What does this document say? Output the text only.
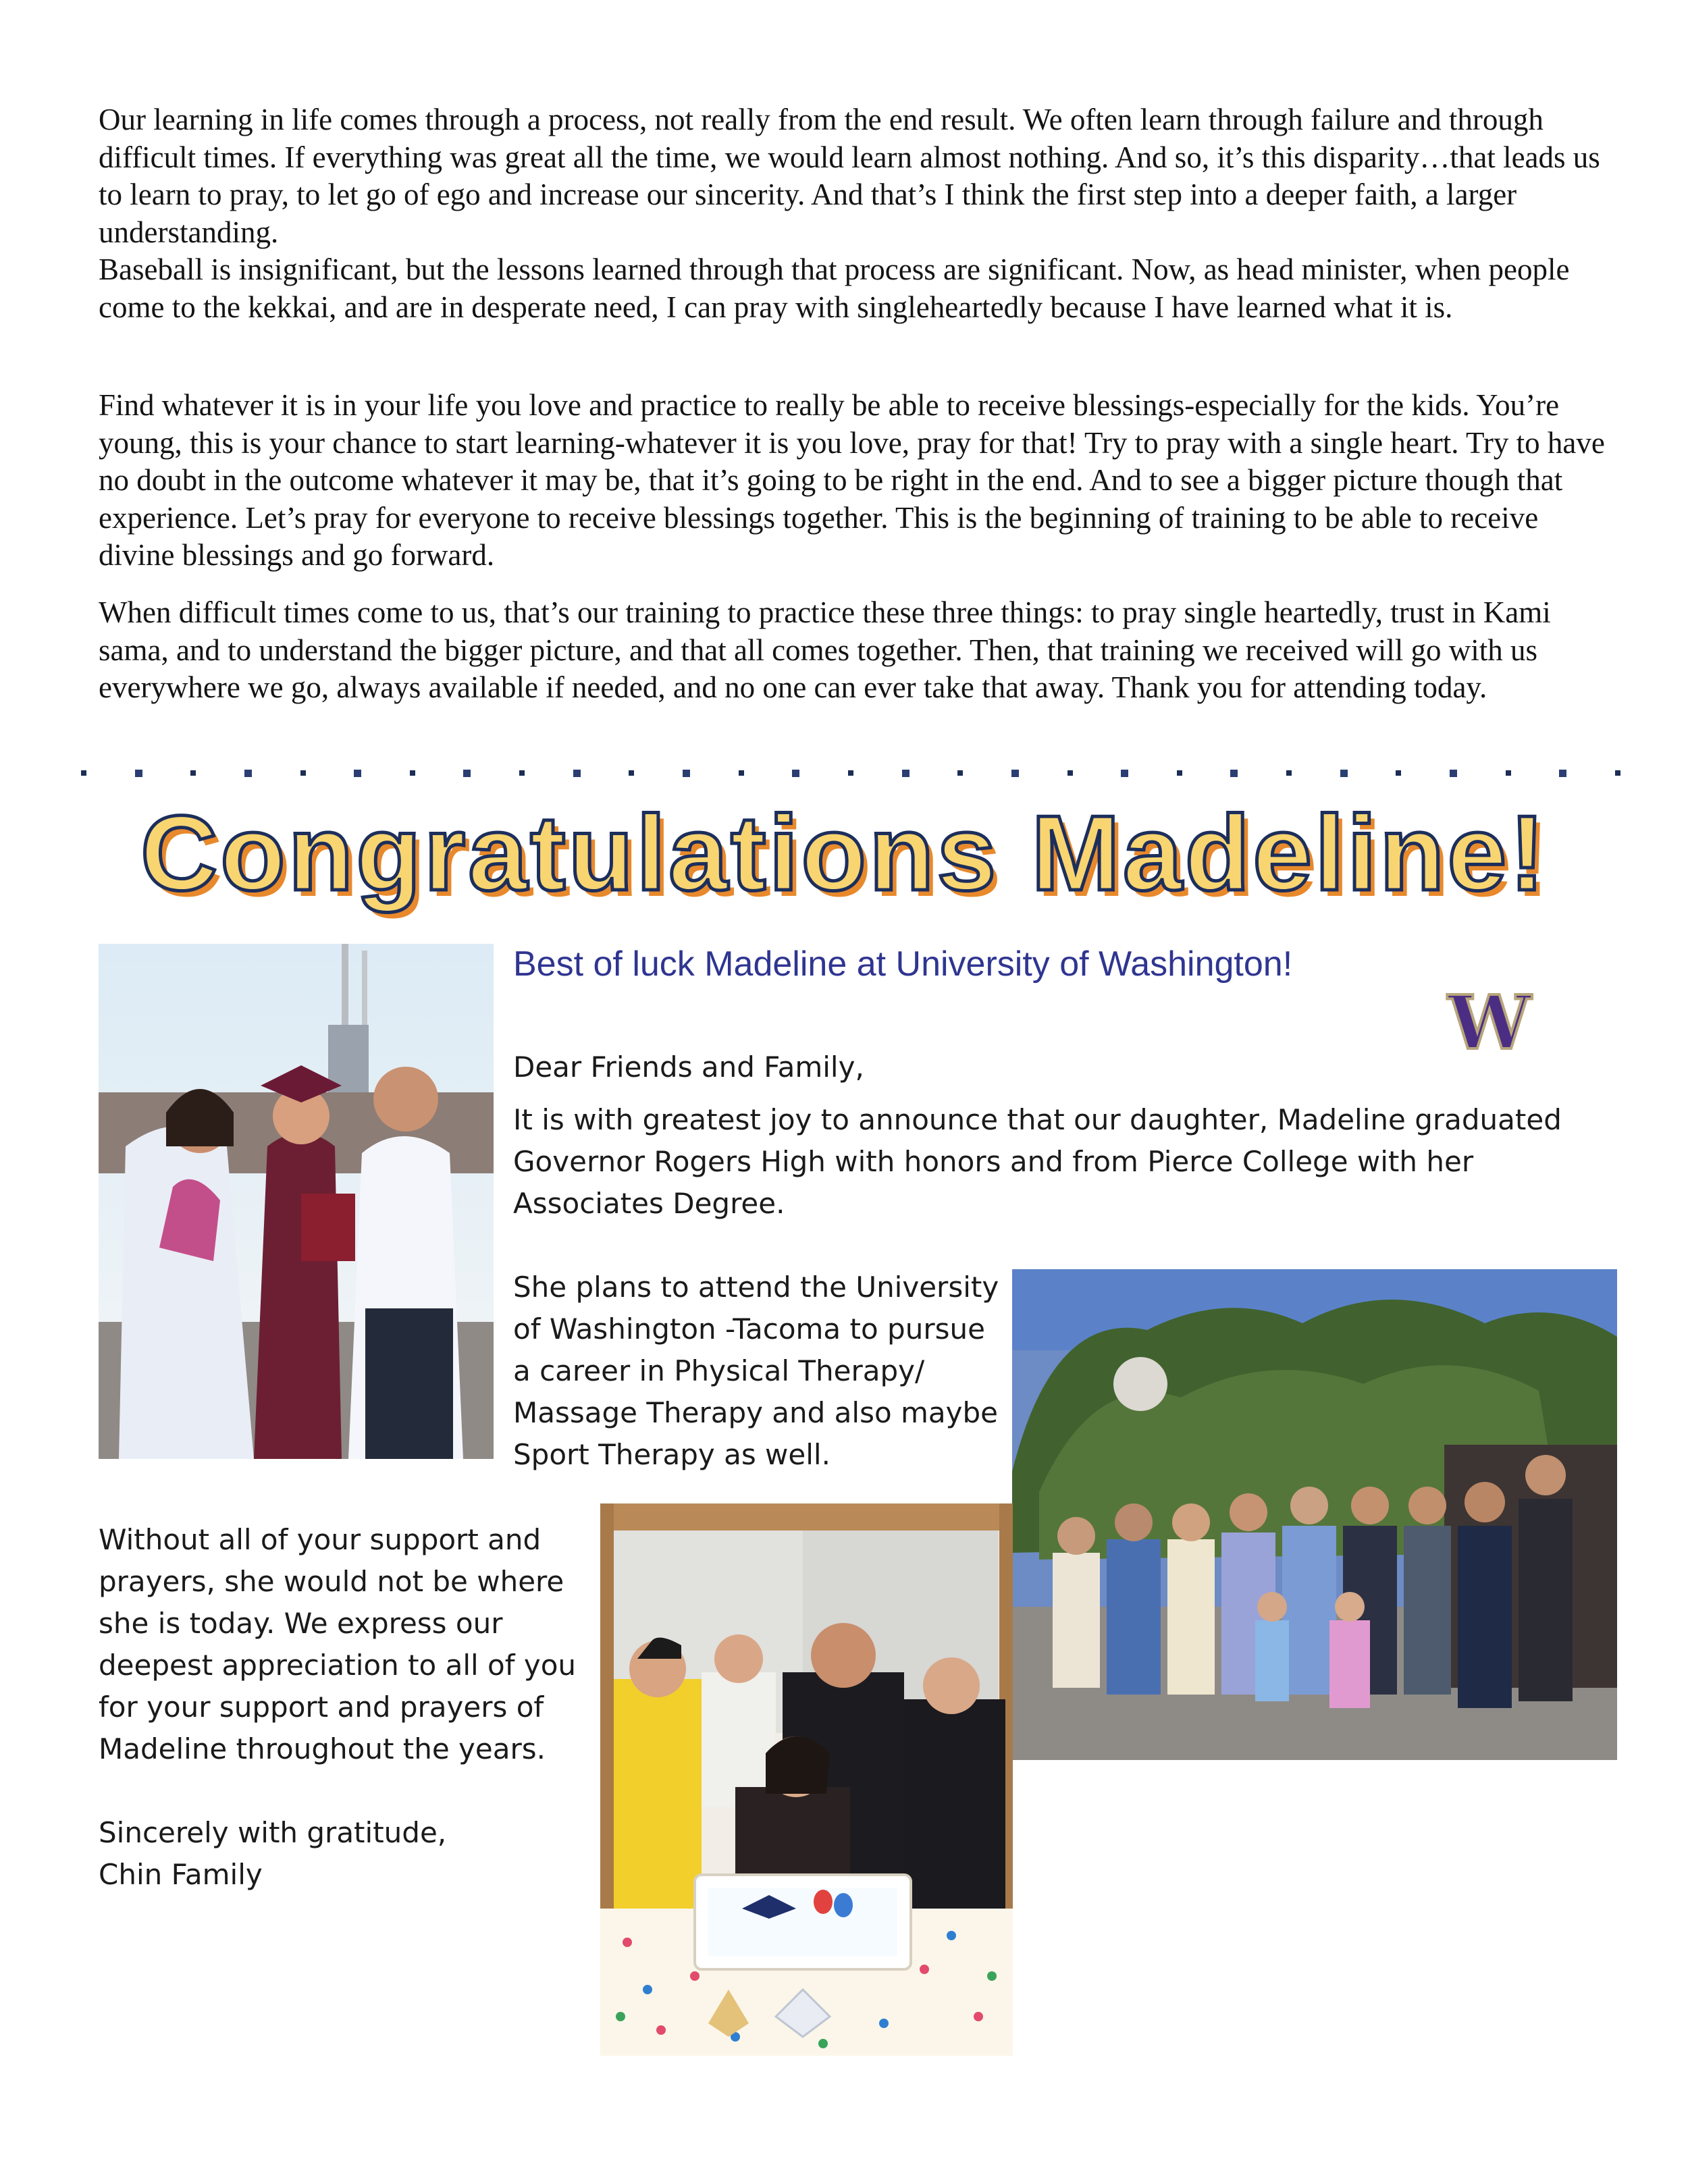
Our learning in life comes through a process, not really from the end result. We often learn through failure and through difficult times. If everything was great all the time, we would learn almost nothing. And so, it’s this disparity…that leads us to learn to pray, to let go of ego and increase our sincerity. And that’s I think the first step into a deeper faith, a larger understanding.

Baseball is insignificant, but the lessons learned through that process are significant. Now, as head minister, when people come to the kekkai, and are in desperate need, I can pray with singleheartedly because I have learned what it is.

Find whatever it is in your life you love and practice to really be able to receive blessings-especially for the kids. You’re young, this is your chance to start learning-whatever it is you love, pray for that! Try to pray with a single heart. Try to have no doubt in the outcome whatever it may be, that it’s going to be right in the end. And to see a bigger picture though that experience. Let’s pray for everyone to receive blessings together. This is the beginning of training to be able to receive divine blessings and go forward.

When difficult times come to us, that’s our training to practice these three things: to pray single heartedly, trust in Kami sama, and to understand the bigger picture, and that all comes together. Then, that training we received will go with us everywhere we go, always available if needed, and no one can ever take that away. Thank you for attending today.

Congratulations Madeline!
Best of luck Madeline at University of Washington!
W

Dear Friends and Family,

It is with greatest joy to announce that our daughter, Madeline graduated Governor Rogers High with honors and from Pierce College with her Associates Degree.

She plans to attend the University of Washington -Tacoma to pursue a career in Physical Therapy/ Massage Therapy and also maybe Sport Therapy as well.

Without all of your support and prayers, she would not be where she is today. We express our deepest appreciation to all of you for your support and prayers of Madeline throughout the years.

Sincerely with gratitude,

Chin Family
